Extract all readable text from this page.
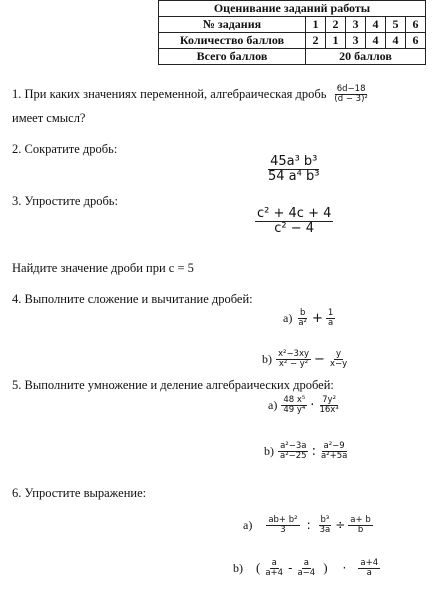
Оценивание заданий работы						
№ задания	1	2	3	4	5	6
Количество баллов	2	1	3	4	4	6
Всего баллов	20 баллов					
1. При каких значениях переменной, алгебраическая дробь $\frac{6d-18}{\text{(d − 3)²}}$
имеет смысл?
2. Сократите дробь:
$\frac{\text{45a³ b³}}{\text{54 a⁴ b³}}$
3. Упростите дробь:
$\frac{\text{c² + 4c + 4}}{\text{c² − 4}}$
Найдите значение дроби при c = 5
4. Выполните сложение и вычитание дробей:
$а) \frac{b}{\text{a²}} + \frac{1}{a}$
$b) \frac{\text{x²−3xy}}{\text{x² − y²}} - \frac{y}{x-y}$
5. Выполните умножение и деление алгебраических дробей:
$а) \frac{\text{48 x⁵}}{\text{49 y⁴}} \cdot \frac{\text{7y²}}{\text{16x³}}$
$b) \frac{\text{a²−3a}}{\text{a²−25}}$ : $\frac{\text{a²−9}}{\text{a²+5a}}$
6. Упростите выражение:
$а) \frac{\text{ab+ b²}}{3}$ : $\frac{\text{b³}}{3a} \div \frac{a+ b}{b}$
b) ( $\frac{a}{a+4} - \frac{a}{a-4}$ ) · $\frac{a+4}{a}$
